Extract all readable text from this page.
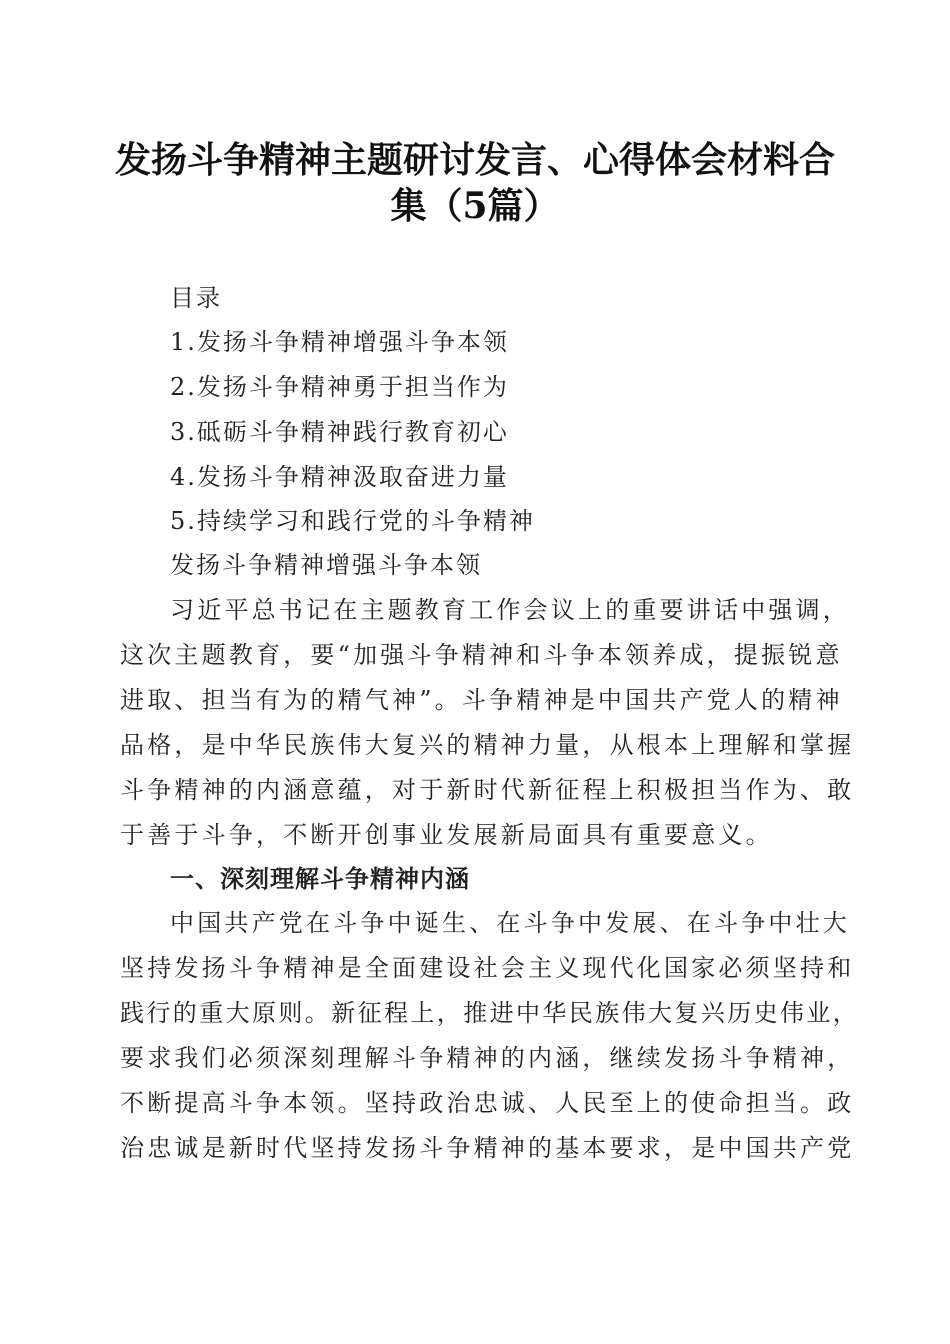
发扬斗争精神主题研讨发言、心得体会材料合
集（5篇）
目录
1.发扬斗争精神增强斗争本领
2.发扬斗争精神勇于担当作为
3.砥砺斗争精神践行教育初心
4.发扬斗争精神汲取奋进力量
5.持续学习和践行党的斗争精神
发扬斗争精神增强斗争本领
习近平总书记在主题教育工作会议上的重要讲话中强调，
这次主题教育，要“加强斗争精神和斗争本领养成，提振锐意
进取、担当有为的精气神”。斗争精神是中国共产党人的精神
品格，是中华民族伟大复兴的精神力量，从根本上理解和掌握
斗争精神的内涵意蕴，对于新时代新征程上积极担当作为、敢
于善于斗争，不断开创事业发展新局面具有重要意义。
一、深刻理解斗争精神内涵
中国共产党在斗争中诞生、在斗争中发展、在斗争中壮大
坚持发扬斗争精神是全面建设社会主义现代化国家必须坚持和
践行的重大原则。新征程上，推进中华民族伟大复兴历史伟业，
要求我们必须深刻理解斗争精神的内涵，继续发扬斗争精神，
不断提高斗争本领。坚持政治忠诚、人民至上的使命担当。政
治忠诚是新时代坚持发扬斗争精神的基本要求，是中国共产党
